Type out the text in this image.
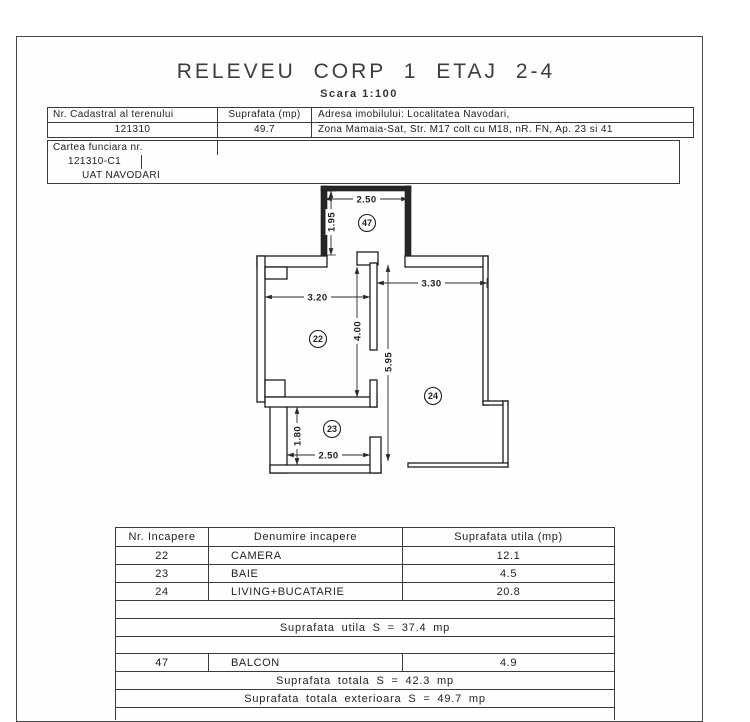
RELEVEU CORP 1 ETAJ 2-4
Scara 1:100
Nr. Cadastral al terenului	Suprafata (mp)	Adresa imobilului: Localitatea Navodari,
121310	49.7	Zona Mamaia-Sat, Str. M17 colt cu M18, nR. FN, Ap. 23 si 41
Cartea funciara nr.
121310-C1
UAT NAVODARI
2.50
1.95
3.20
4.00
5.95
3.30
1.80
2.50
47
22
23
24
Nr. Incapere	Denumire incapere	Suprafata utila (mp)
22	CAMERA	12.1
23	BAIE	4.5
24	LIVING+BUCATARIE	20.8
Suprafata utila S = 37.4 mp
47	BALCON	4.9
Suprafata totala S = 42.3 mp
Suprafata totala exterioara S = 49.7 mp
